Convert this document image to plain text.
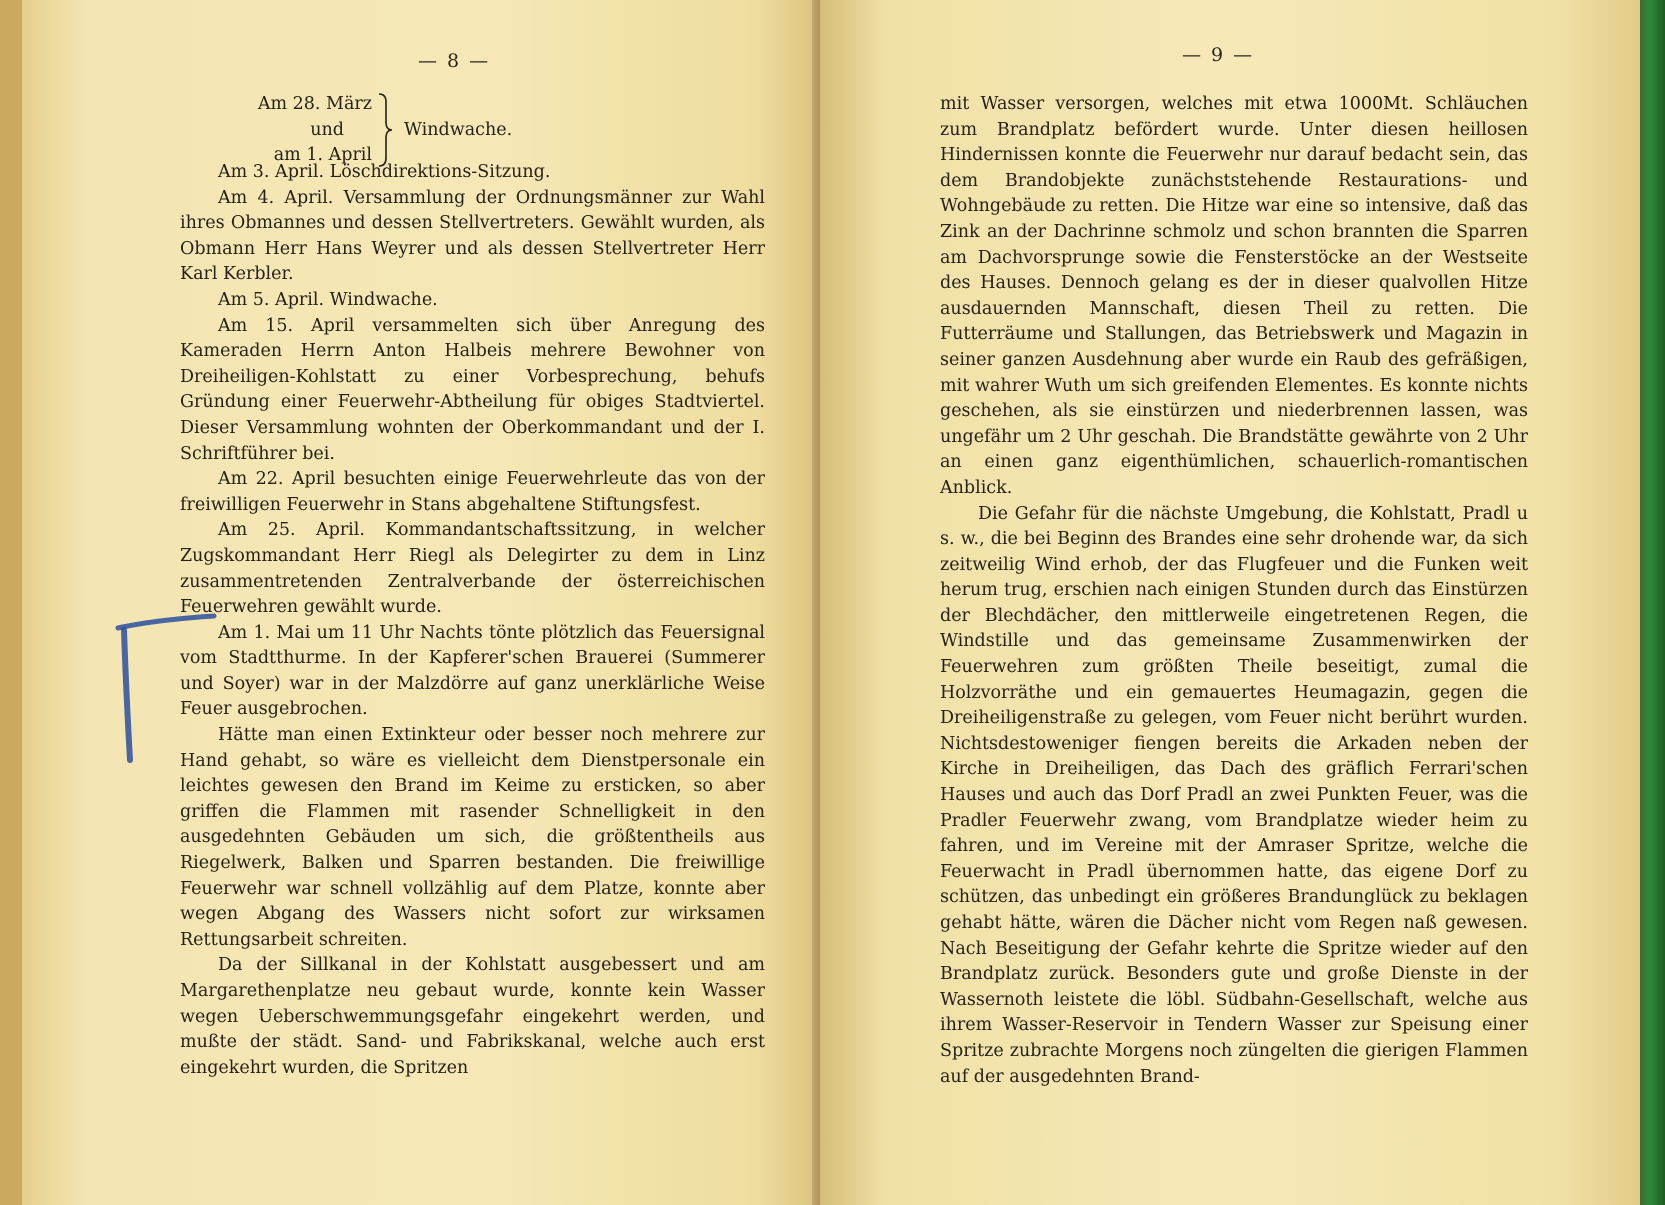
— 8 —
Am 28. März
und
am 1. April
Windwache.

Am 3. April. Löschdirektions-Sitzung.

Am 4. April. Versammlung der Ordnungsmänner zur Wahl ihres Obmannes und dessen Stellvertreters. Gewählt wurden, als Obmann Herr Hans Weyrer und als dessen Stellvertreter Herr Karl Kerbler.

Am 5. April. Windwache.

Am 15. April versammelten sich über Anregung des Kameraden Herrn Anton Halbeis mehrere Bewohner von Dreiheiligen-Kohlstatt zu einer Vorbesprechung, behufs Gründung einer Feuerwehr-Abtheilung für obiges Stadtviertel. Dieser Versammlung wohnten der Oberkommandant und der I. Schriftführer bei.

Am 22. April besuchten einige Feuerwehrleute das von der freiwilligen Feuerwehr in Stans abgehaltene Stiftungsfest.

Am 25. April. Kommandantschaftssitzung, in welcher Zugskommandant Herr Riegl als Delegirter zu dem in Linz zusammentretenden Zentralverbande der österreichischen Feuerwehren gewählt wurde.

Am 1. Mai um 11 Uhr Nachts tönte plötzlich das Feuersignal vom Stadtthurme. In der Kapferer'schen Brauerei (Summerer und Soyer) war in der Malzdörre auf ganz unerklärliche Weise Feuer ausgebrochen.

Hätte man einen Extinkteur oder besser noch mehrere zur Hand gehabt, so wäre es vielleicht dem Dienstpersonale ein leichtes gewesen den Brand im Keime zu ersticken, so aber griffen die Flammen mit rasender Schnelligkeit in den ausgedehnten Gebäuden um sich, die größtentheils aus Riegelwerk, Balken und Sparren bestanden. Die freiwillige Feuerwehr war schnell vollzählig auf dem Platze, konnte aber wegen Abgang des Wassers nicht sofort zur wirksamen Rettungsarbeit schreiten.

Da der Sillkanal in der Kohlstatt ausgebessert und am Margarethenplatze neu gebaut wurde, konnte kein Wasser wegen Ueberschwemmungsgefahr eingekehrt werden, und mußte der städt. Sand- und Fabrikskanal, welche auch erst eingekehrt wurden, die Spritzen

— 9 —

mit Wasser versorgen, welches mit etwa 1000Mt. Schläuchen zum Brandplatz befördert wurde. Unter diesen heillosen Hindernissen konnte die Feuerwehr nur darauf bedacht sein, das dem Brandobjekte zunächststehende Restaurations- und Wohngebäude zu retten. Die Hitze war eine so intensive, daß das Zink an der Dachrinne schmolz und schon brannten die Sparren am Dachvorsprunge sowie die Fensterstöcke an der Westseite des Hauses. Dennoch gelang es der in dieser qualvollen Hitze ausdauernden Mannschaft, diesen Theil zu retten. Die Futterräume und Stallungen, das Betriebswerk und Magazin in seiner ganzen Ausdehnung aber wurde ein Raub des gefräßigen, mit wahrer Wuth um sich greifenden Elementes. Es konnte nichts geschehen, als sie einstürzen und niederbrennen lassen, was ungefähr um 2 Uhr geschah. Die Brandstätte gewährte von 2 Uhr an einen ganz eigenthümlichen, schauerlich-romantischen Anblick.

Die Gefahr für die nächste Umgebung, die Kohlstatt, Pradl u s. w., die bei Beginn des Brandes eine sehr drohende war, da sich zeitweilig Wind erhob, der das Flugfeuer und die Funken weit herum trug, erschien nach einigen Stunden durch das Einstürzen der Blechdächer, den mittlerweile eingetretenen Regen, die Windstille und das gemeinsame Zusammenwirken der Feuerwehren zum größten Theile beseitigt, zumal die Holzvorräthe und ein gemauertes Heumagazin, gegen die Dreiheiligenstraße zu gelegen, vom Feuer nicht berührt wurden. Nichtsdestoweniger fiengen bereits die Arkaden neben der Kirche in Dreiheiligen, das Dach des gräflich Ferrari'schen Hauses und auch das Dorf Pradl an zwei Punkten Feuer, was die Pradler Feuerwehr zwang, vom Brandplatze wieder heim zu fahren, und im Vereine mit der Amraser Spritze, welche die Feuerwacht in Pradl übernommen hatte, das eigene Dorf zu schützen, das unbedingt ein größeres Brandunglück zu beklagen gehabt hätte, wären die Dächer nicht vom Regen naß gewesen. Nach Beseitigung der Gefahr kehrte die Spritze wieder auf den Brandplatz zurück. Besonders gute und große Dienste in der Wassernoth leistete die löbl. Südbahn-Gesellschaft, welche aus ihrem Wasser-Reservoir in Tendern Wasser zur Speisung einer Spritze zubrachte Morgens noch züngelten die gierigen Flammen auf der ausgedehnten Brand-
